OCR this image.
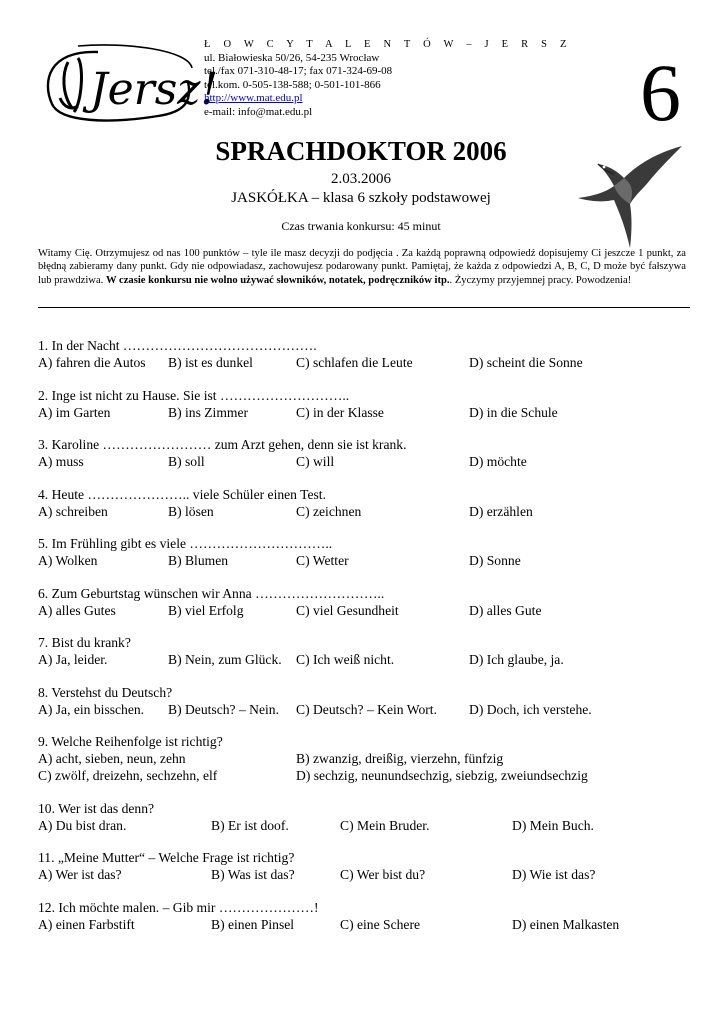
Jersz!
Ł O W C Y T A L E N T Ó W – J E R S Z
ul. Białowieska 50/26, 54-235 Wrocław
tel./fax 071-310-48-17; fax 071-324-69-08
tel.kom. 0-505-138-588; 0-501-101-866
http://www.mat.edu.pl
e-mail: info@mat.edu.pl	6
SPRACHDOKTOR 2006
2.03.2006
JASKÓŁKA – klasa 6 szkoły podstawowej
Czas trwania konkursu: 45 minut
Witamy Cię. Otrzymujesz od nas 100 punktów – tyle ile masz decyzji do podjęcia . Za każdą poprawną odpowiedź dopisujemy Ci jeszcze 1 punkt, za błędną zabieramy dany punkt. Gdy nie odpowiadasz, zachowujesz podarowany punkt. Pamiętaj, że każda z odpowiedzi A, B, C, D może być fałszywa lub prawdziwa. W czasie konkursu nie wolno używać słowników, notatek, podręczników itp.. Życzymy przyjemnej pracy. Powodzenia!
1. In der Nacht …………………………………….
A) fahren die Autos B) ist es dunkel	C) schlafen die Leute	D) scheint die Sonne
2. Inge ist nicht zu Hause. Sie ist ………………………..
A) im Garten	B) ins Zimmer	C) in der Klasse	D) in die Schule
3. Karoline …………………… zum Arzt gehen, denn sie ist krank.
A) muss	B) soll	C) will	D) möchte
4. Heute ………………….. viele Schüler einen Test.
A) schreiben	B) lösen	C) zeichnen	D) erzählen
5. Im Frühling gibt es viele …………………………..
A) Wolken	B) Blumen	C) Wetter	D) Sonne
6. Zum Geburtstag wünschen wir Anna ………………………..
A) alles Gutes	B) viel Erfolg	C) viel Gesundheit	D) alles Gute
7. Bist du krank?
A) Ja, leider.	B) Nein, zum Glück. C) Ich weiß nicht.	D) Ich glaube, ja.
8. Verstehst du Deutsch?
A) Ja, ein bisschen. B) Deutsch? – Nein. C) Deutsch? – Kein Wort. D) Doch, ich verstehe.
9. Welche Reihenfolge ist richtig?
A) acht, sieben, neun, zehn	B) zwanzig, dreißig, vierzehn, fünfzig
C) zwölf, dreizehn, sechzehn, elf	D) sechzig, neunundsechzig, siebzig, zweiundsechzig
10. Wer ist das denn?
A) Du bist dran.	B) Er ist doof.	C) Mein Bruder.	D) Mein Buch.
11. „Meine Mutter“ – Welche Frage ist richtig?
A) Wer ist das?	B) Was ist das?	C) Wer bist du?	D) Wie ist das?
12. Ich möchte malen. – Gib mir …………………!
A) einen Farbstift	B) einen Pinsel	C) eine Schere	D) einen Malkasten
